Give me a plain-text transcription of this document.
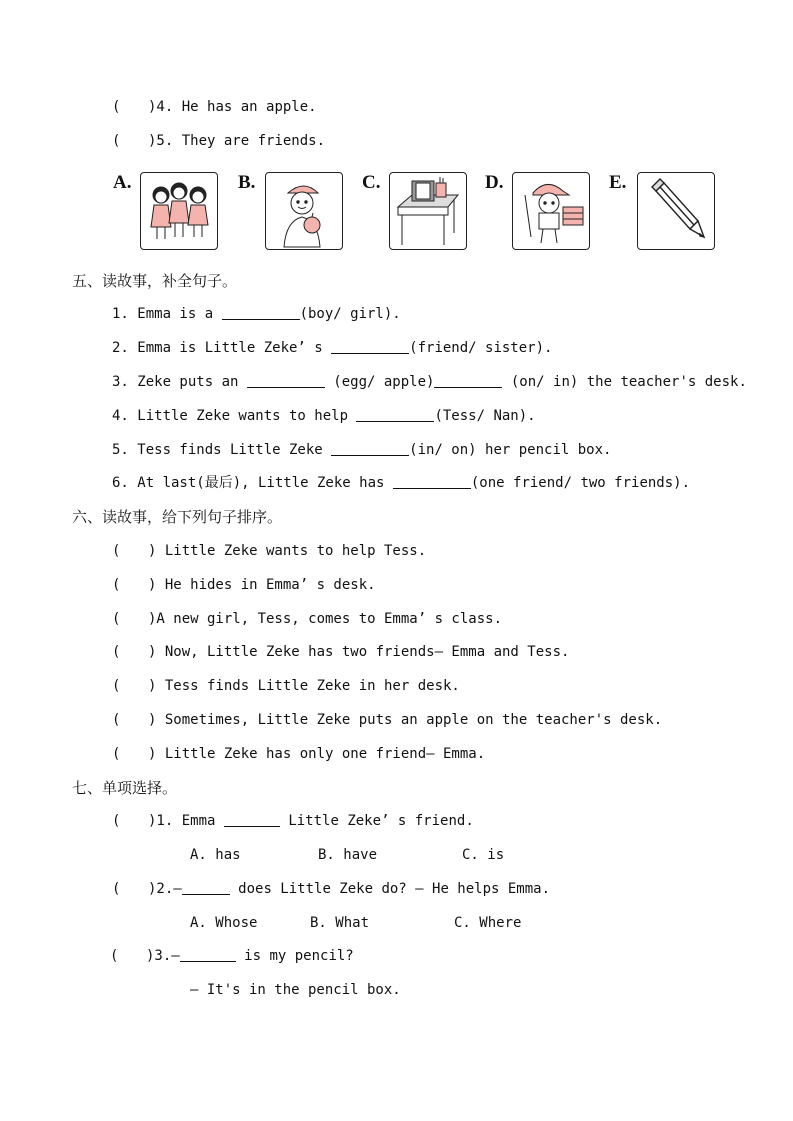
( )4. He has an apple.
( )5. They are friends.
A.	B.	C.	D.	E.
五、读故事，补全句子。
1. Emma is a	(boy/ girl).
2. Emma is Little Zeke’ s	(friend/ sister).
3. Zeke puts an	(egg/ apple)	(on/ in) the teacher's desk.
4. Little Zeke wants to help	(Tess/ Nan).
5. Tess finds Little Zeke	(in/ on) her pencil box.
6. At last(最后), Little Zeke has	(one friend/ two friends).
六、读故事，给下列句子排序。
( ) Little Zeke wants to help Tess.
( ) He hides in Emma’ s desk.
( )A new girl, Tess, comes to Emma’ s class.
( ) Now, Little Zeke has two friends— Emma and Tess.
( ) Tess finds Little Zeke in her desk.
( ) Sometimes, Little Zeke puts an apple on the teacher's desk.
( ) Little Zeke has only one friend— Emma.
七、单项选择。
( )1. Emma	Little Zeke’ s friend.
A. has	B. have	C. is
( )2.—	does Little Zeke do? — He helps Emma.
A. Whose	B. What	C. Where
( )3.—	is my pencil?
— It's in the pencil box.
